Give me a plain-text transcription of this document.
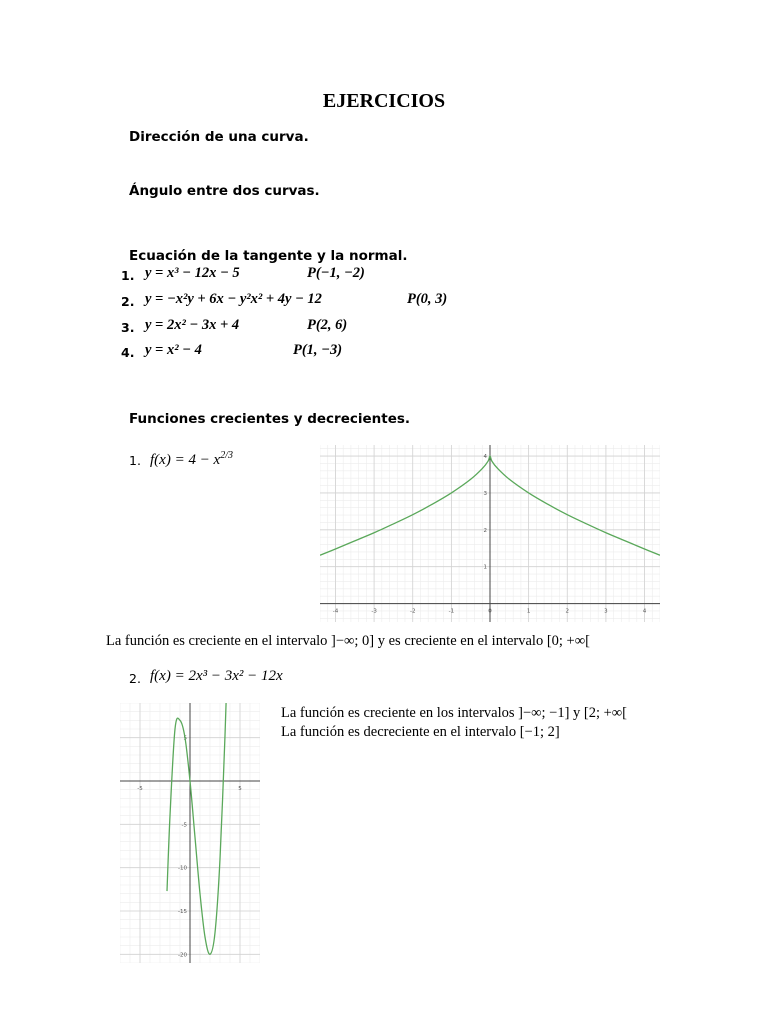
EJERCICIOS
Dirección de una curva.
Ángulo entre dos curvas.
Ecuación de la tangente y la normal.
1. y = x³ − 12x − 5	P(−1, −2)
2. y = −x²y + 6x − y²x² + 4y − 12	P(0, 3)
3. y = 2x² − 3x + 4	P(2, 6)
4. y = x² − 4	P(1, −3)
Funciones crecientes y decrecientes.
1. $f(x) = 4 - x^{2/3}$
-4	-3	-2	-1	0	1	2	3	4
1
2
3
4
La función es creciente en el intervalo ]−∞; 0] y es creciente en el intervalo [0; +∞[
2. f(x) = 2x³ − 3x² − 12x
-5	5
5
-5
-10
-15
-20
La función es creciente en los intervalos ]−∞; −1] y [2; +∞[
La función es decreciente en el intervalo [−1; 2]
